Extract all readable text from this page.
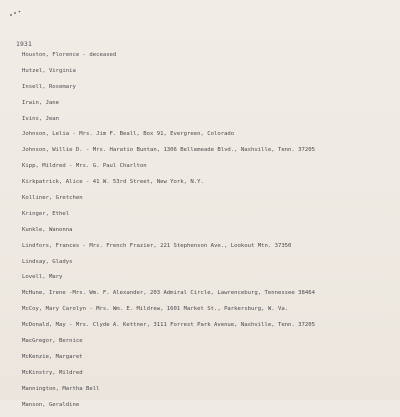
1931
Houston, Florence - deceased
Hutzel, Virginia
Insell, Rosemary
Irwin, Jane
Ivins, Jean
Johnson, Lelia - Mrs. Jim F. Beall, Box 91, Evergreen, Colorado
Johnson, Willie D. - Mrs. Haratio Buntan, 1306 Bellemeade Blvd., Nashville, Tenn. 37205
Kipp, Mildred - Mrs. G. Paul Charlton
Kirkpatrick, Alice - 41 W. 53rd Street, New York, N.Y.
Kolliner, Gretchen
Kringer, Ethel
Kunkle, Wanonna
Lindfors, Frances - Mrs. French Frazier, 221 Stephenson Ave., Lookout Mtn. 37350
Lindsay, Gladys
Lovell, Mary
McHune, Irene -Mrs. Wm. F. Alexander, 203 Admiral Circle, Lawrenceburg, Tennessee 38464
McCoy, Mary Carolyn - Mrs. Wm. E. Mildrew, 1601 Market St., Parkersburg, W. Va.
McDonald, May - Mrs. Clyde A. Kettner, 3111 Forrest Park Avenue, Nashville, Tenn. 37205
MacGregor, Bernice
McKenzie, Margaret
McKinstry, Mildred
Mannington, Martha Bell
Manson, Geraldine
